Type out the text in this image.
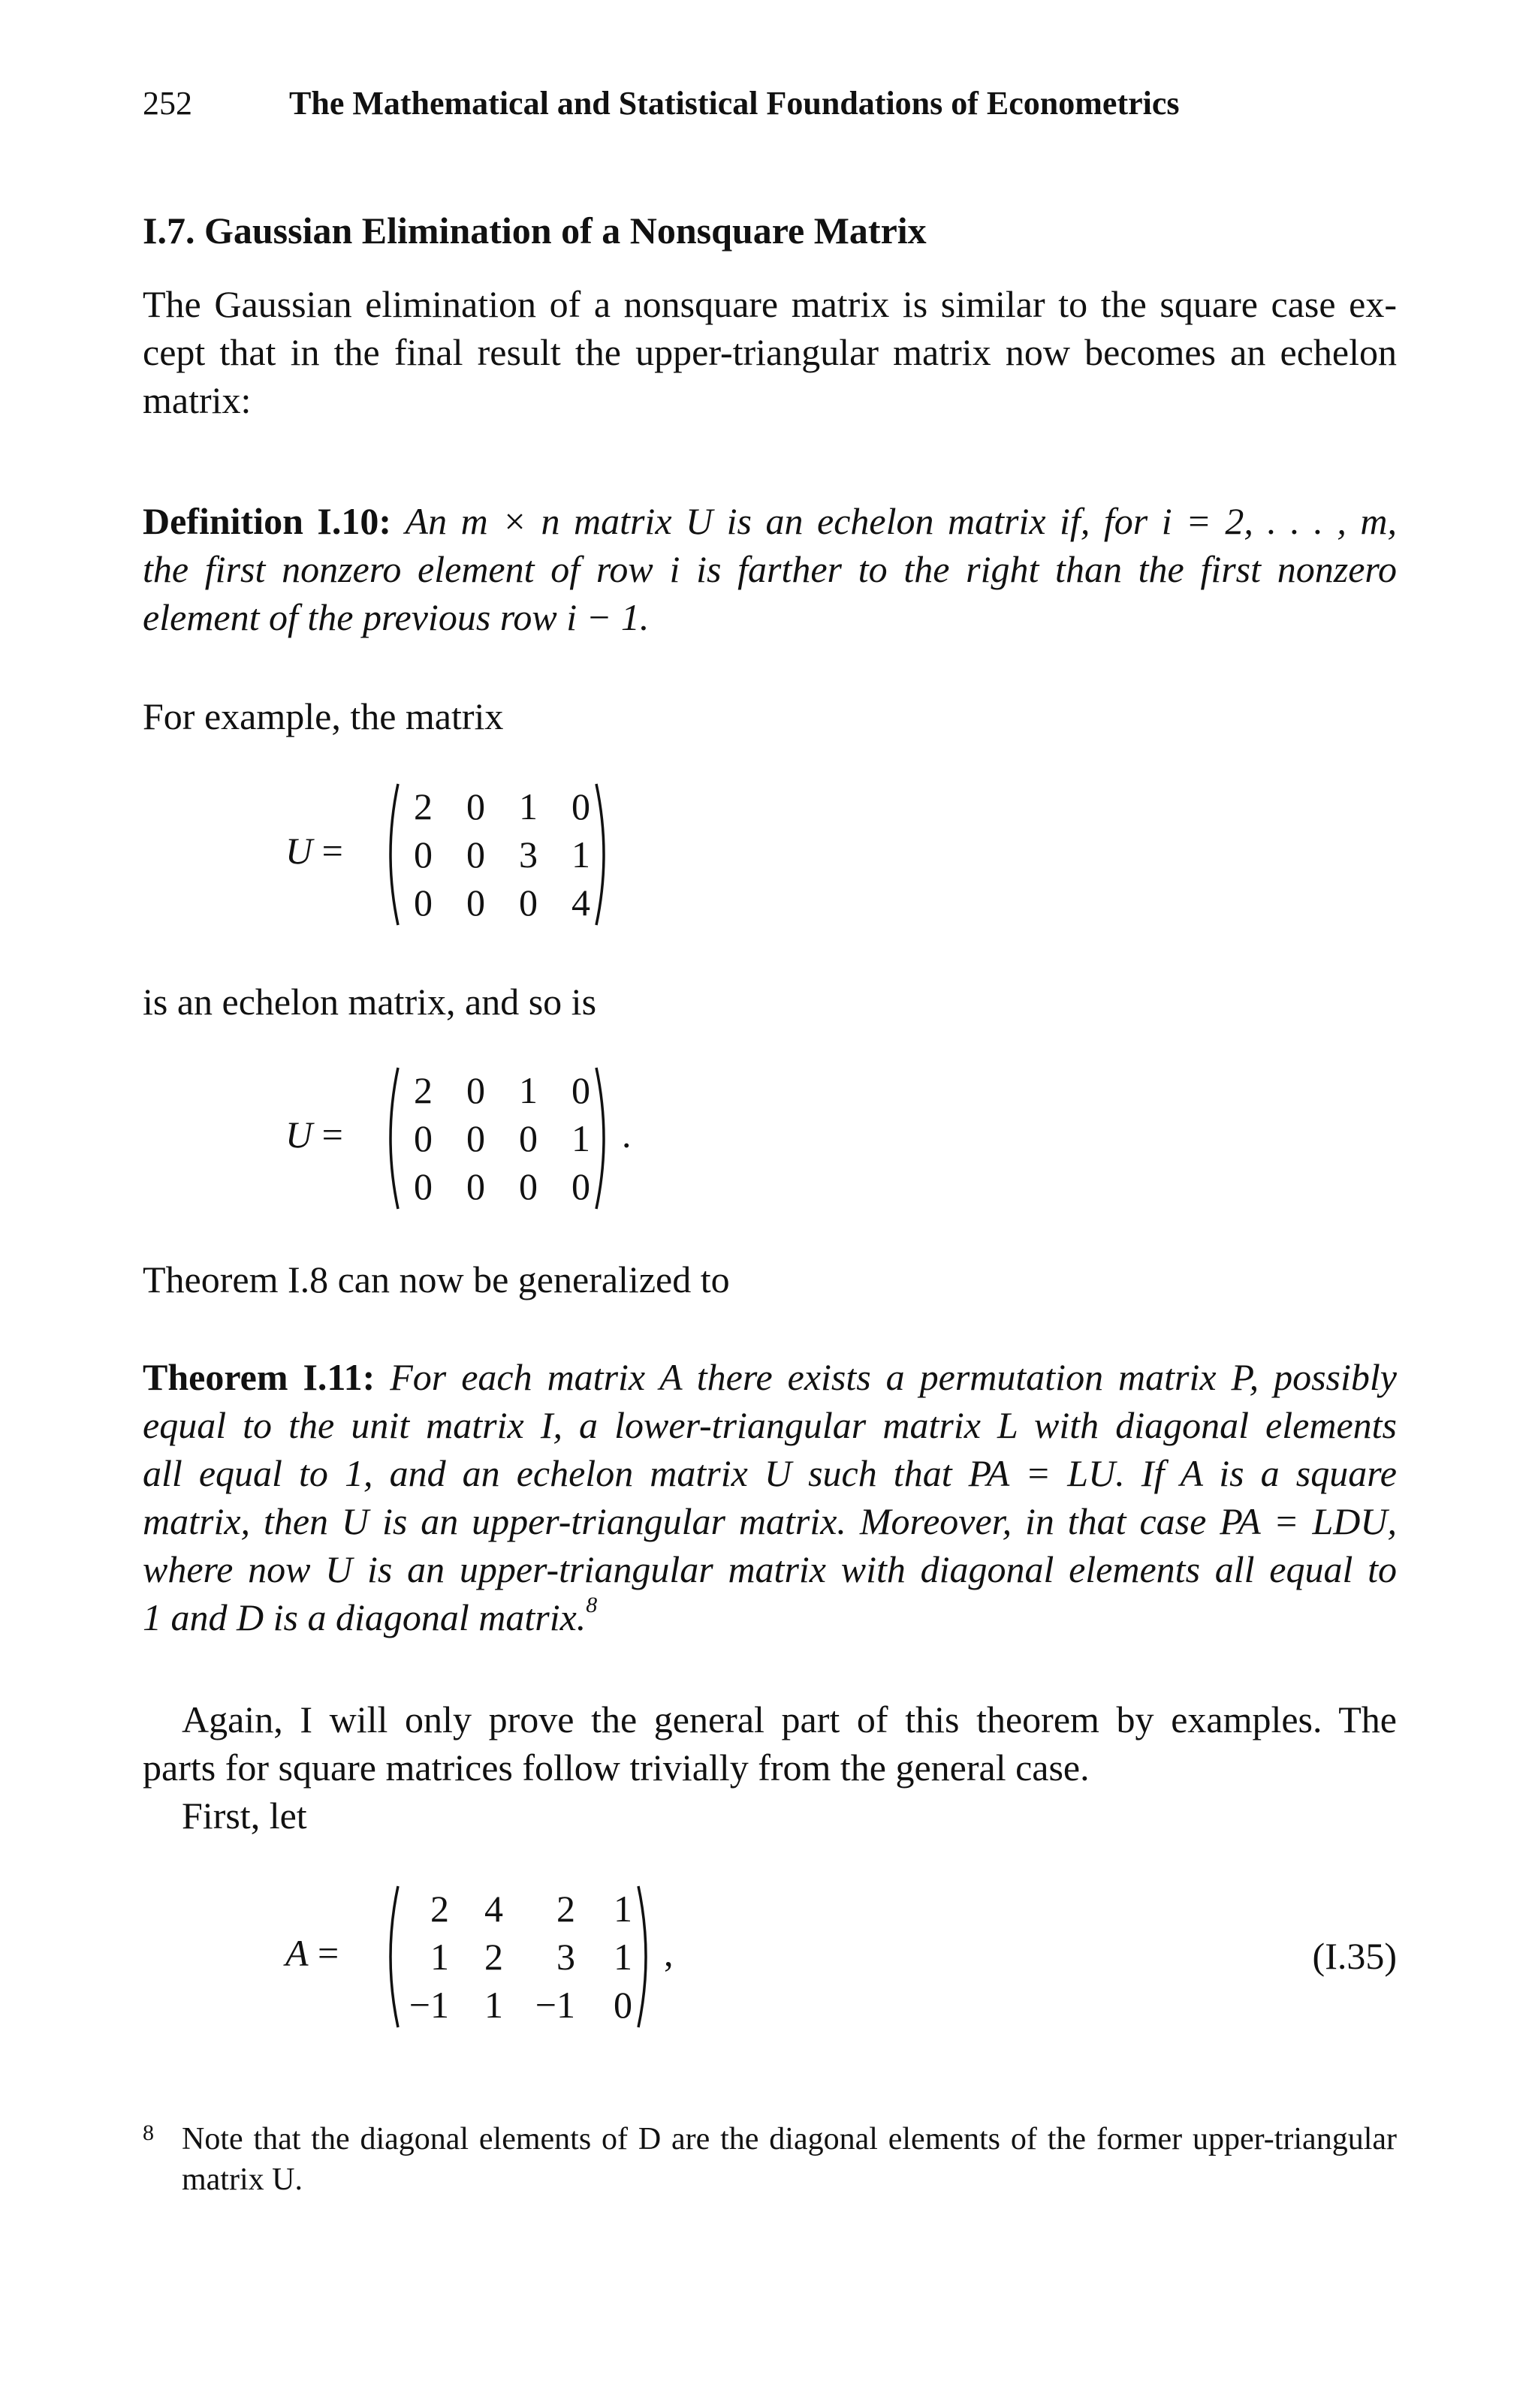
252	The Mathematical and Statistical Foundations of Econometrics
I.7. Gaussian Elimination of a Nonsquare Matrix
The Gaussian elimination of a nonsquare matrix is similar to the square case ex-
cept that in the final result the upper-triangular matrix now becomes an echelon
matrix:
Definition I.10: An m × n matrix U is an echelon matrix if, for i = 2, . . . , m,
the first nonzero element of row i is farther to the right than the first nonzero
element of the previous row i − 1.
For example, the matrix
U =
2 0 1 0
0 0 3 1
0 0 0 4
is an echelon matrix, and so is
U =
2 0 1 0
0 0 0 1
0 0 0 0
.
Theorem I.8 can now be generalized to
Theorem I.11: For each matrix A there exists a permutation matrix P, possibly
equal to the unit matrix I, a lower-triangular matrix L with diagonal elements
all equal to 1, and an echelon matrix U such that PA = LU. If A is a square
matrix, then U is an upper-triangular matrix. Moreover, in that case PA = LDU,
where now U is an upper-triangular matrix with diagonal elements all equal to
1 and D is a diagonal matrix.$^8$
Again, I will only prove the general part of this theorem by examples. The
parts for square matrices follow trivially from the general case.
First, let
A =	(I.35)
2 4	2	1
1 2	3	1
−1 1 −1	0
,
8 Note that the diagonal elements of D are the diagonal elements of the former upper-triangular matrix U.
